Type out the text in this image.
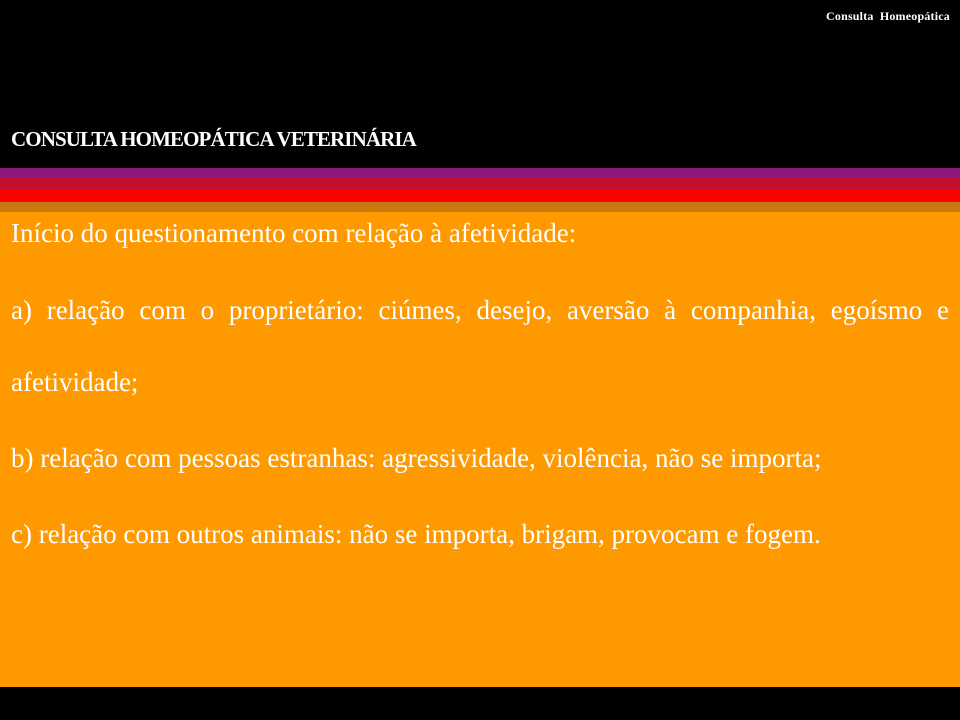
Consulta Homeopática
CONSULTA HOMEOPÁTICA VETERINÁRIA

Início do questionamento com relação à afetividade:

a) relação com o proprietário: ciúmes, desejo, aversão à companhia, egoísmo e afetividade;

b) relação com pessoas estranhas: agressividade, violência, não se importa;

c) relação com outros animais: não se importa, brigam, provocam e fogem.
